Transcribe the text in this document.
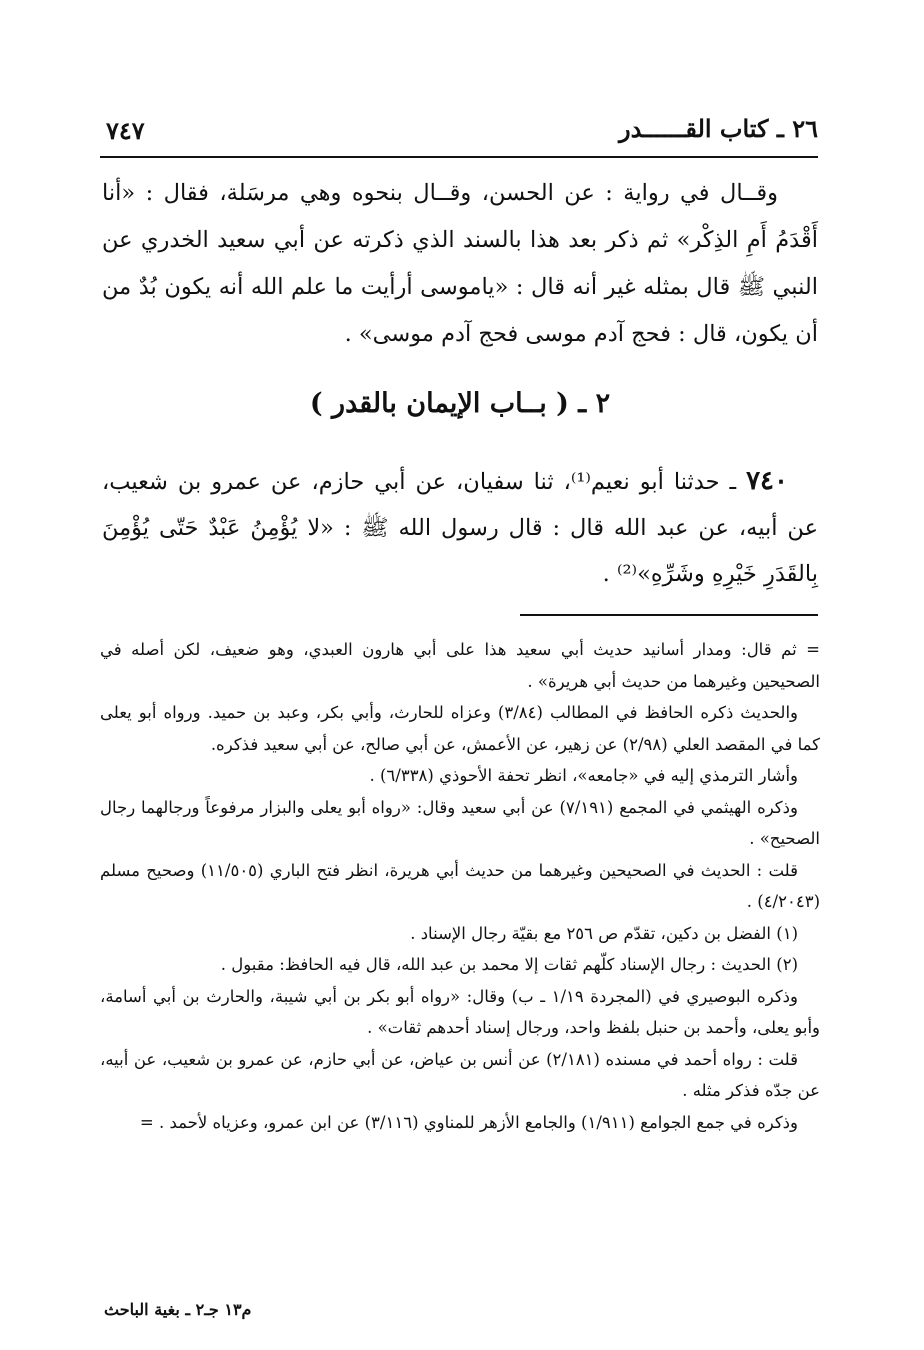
٧٤٧	٢٦ ـ كتاب القــــــدر

وقــال في رواية : عن الحسن، وقــال بنحوه وهي مرسَلة، فقال : «أنا أَقْدَمُ أَمِ الذِكْر» ثم ذكر بعد هذا بالسند الذي ذكرته عن أبي سعيد الخدري عن النبي ﷺ قال بمثله غير أنه قال : «ياموسى أرأيت ما علم الله أنه يكون بُدٌ من أن يكون، قال : فحج آدم موسى فحج آدم موسى» .

٢ ـ ( بــاب الإيمان بالقدر )

٧٤٠ ـ حدثنا أبو نعيم⁽¹⁾، ثنا سفيان، عن أبي حازم، عن عمرو بن شعيب، عن أبيه، عن عبد الله قال : قال رسول الله ﷺ : «لا يُؤْمِنُ عَبْدٌ حَتّى يُؤْمِنَ بِالقَدَرِ خَيْرِهِ وشَرِّهِ»⁽²⁾ .

= ثم قال: ومدار أسانيد حديث أبي سعيد هذا على أبي هارون العبدي، وهو ضعيف، لكن أصله في الصحيحين وغيرهما من حديث أبي هريرة» .

والحديث ذكره الحافظ في المطالب (٣/٨٤) وعزاه للحارث، وأبي بكر، وعبد بن حميد. ورواه أبو يعلى كما في المقصد العلي (٢/٩٨) عن زهير، عن الأعمش، عن أبي صالح، عن أبي سعيد فذكره.

وأشار الترمذي إليه في «جامعه»، انظر تحفة الأحوذي (٦/٣٣٨) .

وذكره الهيثمي في المجمع (٧/١٩١) عن أبي سعيد وقال: «رواه أبو يعلى والبزار مرفوعاً ورجالهما رجال الصحيح» .

قلت : الحديث في الصحيحين وغيرهما من حديث أبي هريرة، انظر فتح الباري (١١/٥٠٥) وصحيح مسلم (٤/٢٠٤٣) .

(١) الفضل بن دكين، تقدّم ص ٢٥٦ مع بقيّة رجال الإسناد .

(٢) الحديث : رجال الإسناد كلّهم ثقات إلا محمد بن عبد الله، قال فيه الحافظ: مقبول .

وذكره البوصيري في (المجردة ١/١٩ ـ ب) وقال: «رواه أبو بكر بن أبي شيبة، والحارث بن أبي أسامة، وأبو يعلى، وأحمد بن حنبل بلفظ واحد، ورجال إسناد أحدهم ثقات» .

قلت : رواه أحمد في مسنده (٢/١٨١) عن أنس بن عياض، عن أبي حازم، عن عمرو بن شعيب، عن أبيه، عن جدّه فذكر مثله .

وذكره في جمع الجوامع (١/٩١١) والجامع الأزهر للمناوي (٣/١١٦) عن ابن عمرو، وعزياه لأحمد . =

م١٣ جـ٢ ـ بغية الباحث
